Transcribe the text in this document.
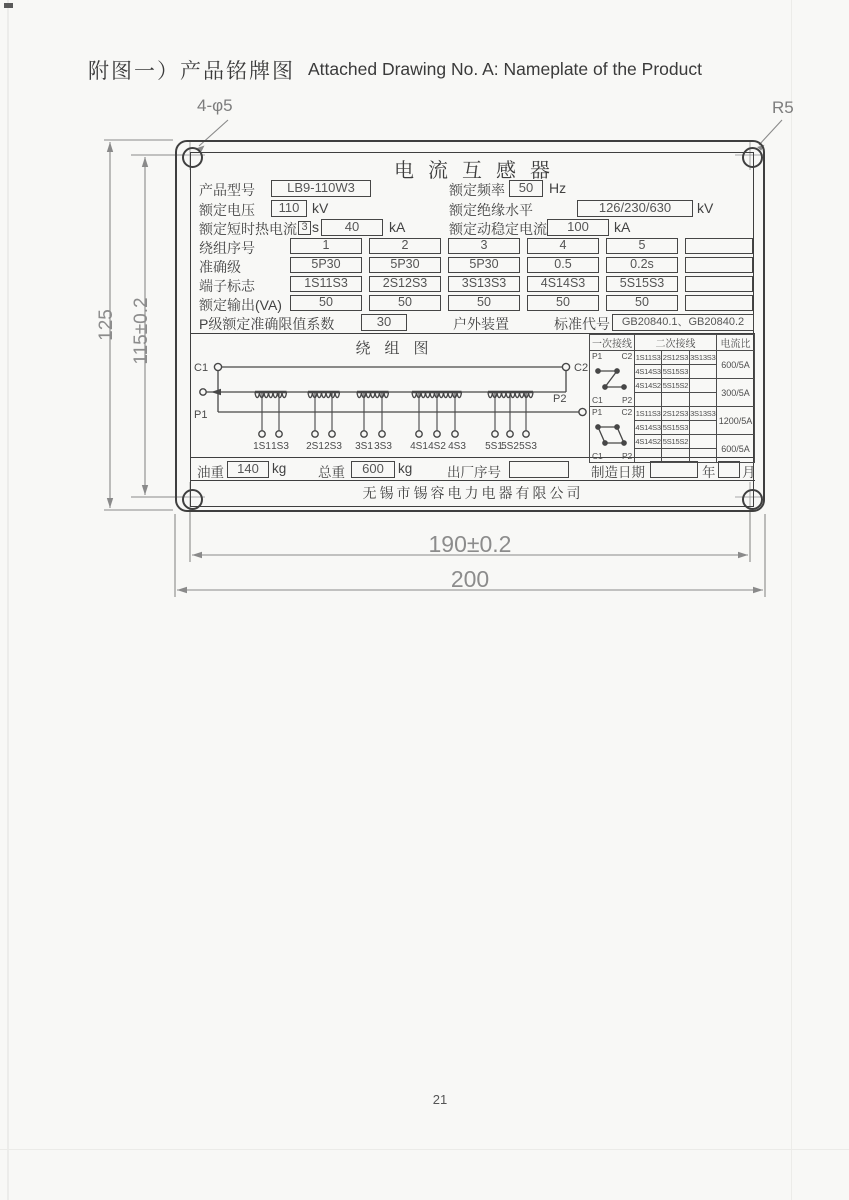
附图一）产品铭牌图 Attached Drawing No. A: Nameplate of the Product
4-φ5	R5
125 115±0.2
190±0.2
200
电流互感器
产品型号	LB9-110W3	额定频率	50	Hz
额定电压	110 kV	额定绝缘水平	126/230/630	kV
额定短时热电流 3 s	40	kA	额定动稳定电流	100	kA
绕组序号	1	2	3	4	5
准确级	5P30	5P30	5P30	0.5	0.2s
端子标志	1S11S3	2S12S3	3S13S3	4S14S3	5S15S3
额定输出(VA)	50	50	50	50	50
P级额定准确限值系数	30	户外装置	标准代号	GB20840.1、GB20840.2
绕组图
C1	C2
P1
P2
1S1 1S3 2S1 2S3 3S1 3S3 4S1 4S2 4S3 5S1
5S2 5S3
一次接线	二次接线			电流比

P1 C2
C1 P2	1S11S3	2S12S3	3S13S3	600/5A
	4S14S3	5S15S3		
	4S14S2	5S15S2		300/5A

P1 C2
C1 P2	1S11S3	2S12S3	3S13S3	1200/5A
	4S14S3	5S15S3		
	4S14S2	5S15S2		600/5A

油重	140 kg 总重	600	kg	出厂序号	制造日期	年 月
无锡市锡容电力电器有限公司
21
